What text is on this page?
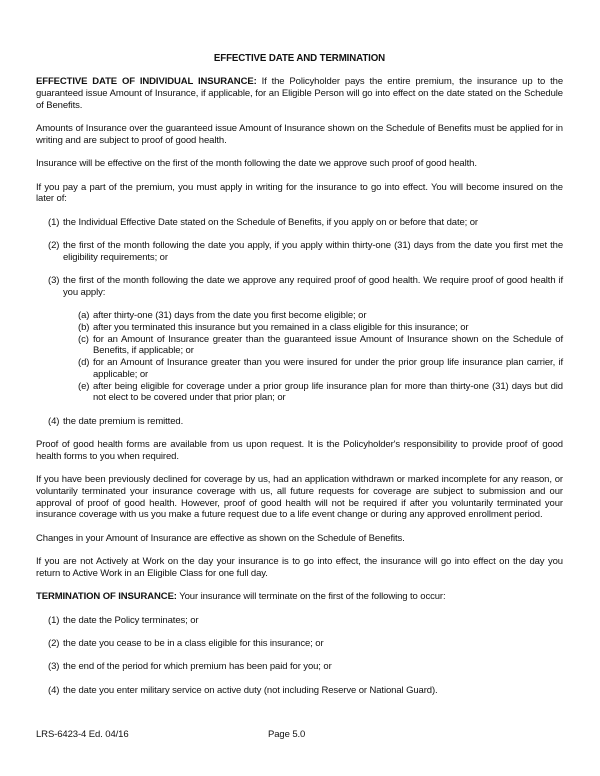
EFFECTIVE DATE AND TERMINATION

EFFECTIVE DATE OF INDIVIDUAL INSURANCE: If the Policyholder pays the entire premium, the insurance up to the guaranteed issue Amount of Insurance, if applicable, for an Eligible Person will go into effect on the date stated on the Schedule of Benefits.

Amounts of Insurance over the guaranteed issue Amount of Insurance shown on the Schedule of Benefits must be applied for in writing and are subject to proof of good health.

Insurance will be effective on the first of the month following the date we approve such proof of good health.

If you pay a part of the premium, you must apply in writing for the insurance to go into effect. You will become insured on the later of:

(1) the Individual Effective Date stated on the Schedule of Benefits, if you apply on or before that date; or
(2) the first of the month following the date you apply, if you apply within thirty-one (31) days from the date you first met the eligibility requirements; or
(3) the first of the month following the date we approve any required proof of good health. We require proof of good health if you apply:
(a) after thirty-one (31) days from the date you first become eligible; or
(b) after you terminated this insurance but you remained in a class eligible for this insurance; or
(c) for an Amount of Insurance greater than the guaranteed issue Amount of Insurance shown on the Schedule of Benefits, if applicable; or
(d) for an Amount of Insurance greater than you were insured for under the prior group life insurance plan carrier, if applicable; or
(e) after being eligible for coverage under a prior group life insurance plan for more than thirty-one (31) days but did not elect to be covered under that prior plan; or
(4) the date premium is remitted.

Proof of good health forms are available from us upon request. It is the Policyholder's responsibility to provide proof of good health forms to you when required.

If you have been previously declined for coverage by us, had an application withdrawn or marked incomplete for any reason, or voluntarily terminated your insurance coverage with us, all future requests for coverage are subject to submission and our approval of proof of good health. However, proof of good health will not be required if after you voluntarily terminated your insurance coverage with us you make a future request due to a life event change or during any approved enrollment period.

Changes in your Amount of Insurance are effective as shown on the Schedule of Benefits.

If you are not Actively at Work on the day your insurance is to go into effect, the insurance will go into effect on the day you return to Active Work in an Eligible Class for one full day.

TERMINATION OF INSURANCE: Your insurance will terminate on the first of the following to occur:

(1) the date the Policy terminates; or
(2) the date you cease to be in a class eligible for this insurance; or
(3) the end of the period for which premium has been paid for you; or
(4) the date you enter military service on active duty (not including Reserve or National Guard).
LRS-6423-4 Ed. 04/16	Page 5.0
